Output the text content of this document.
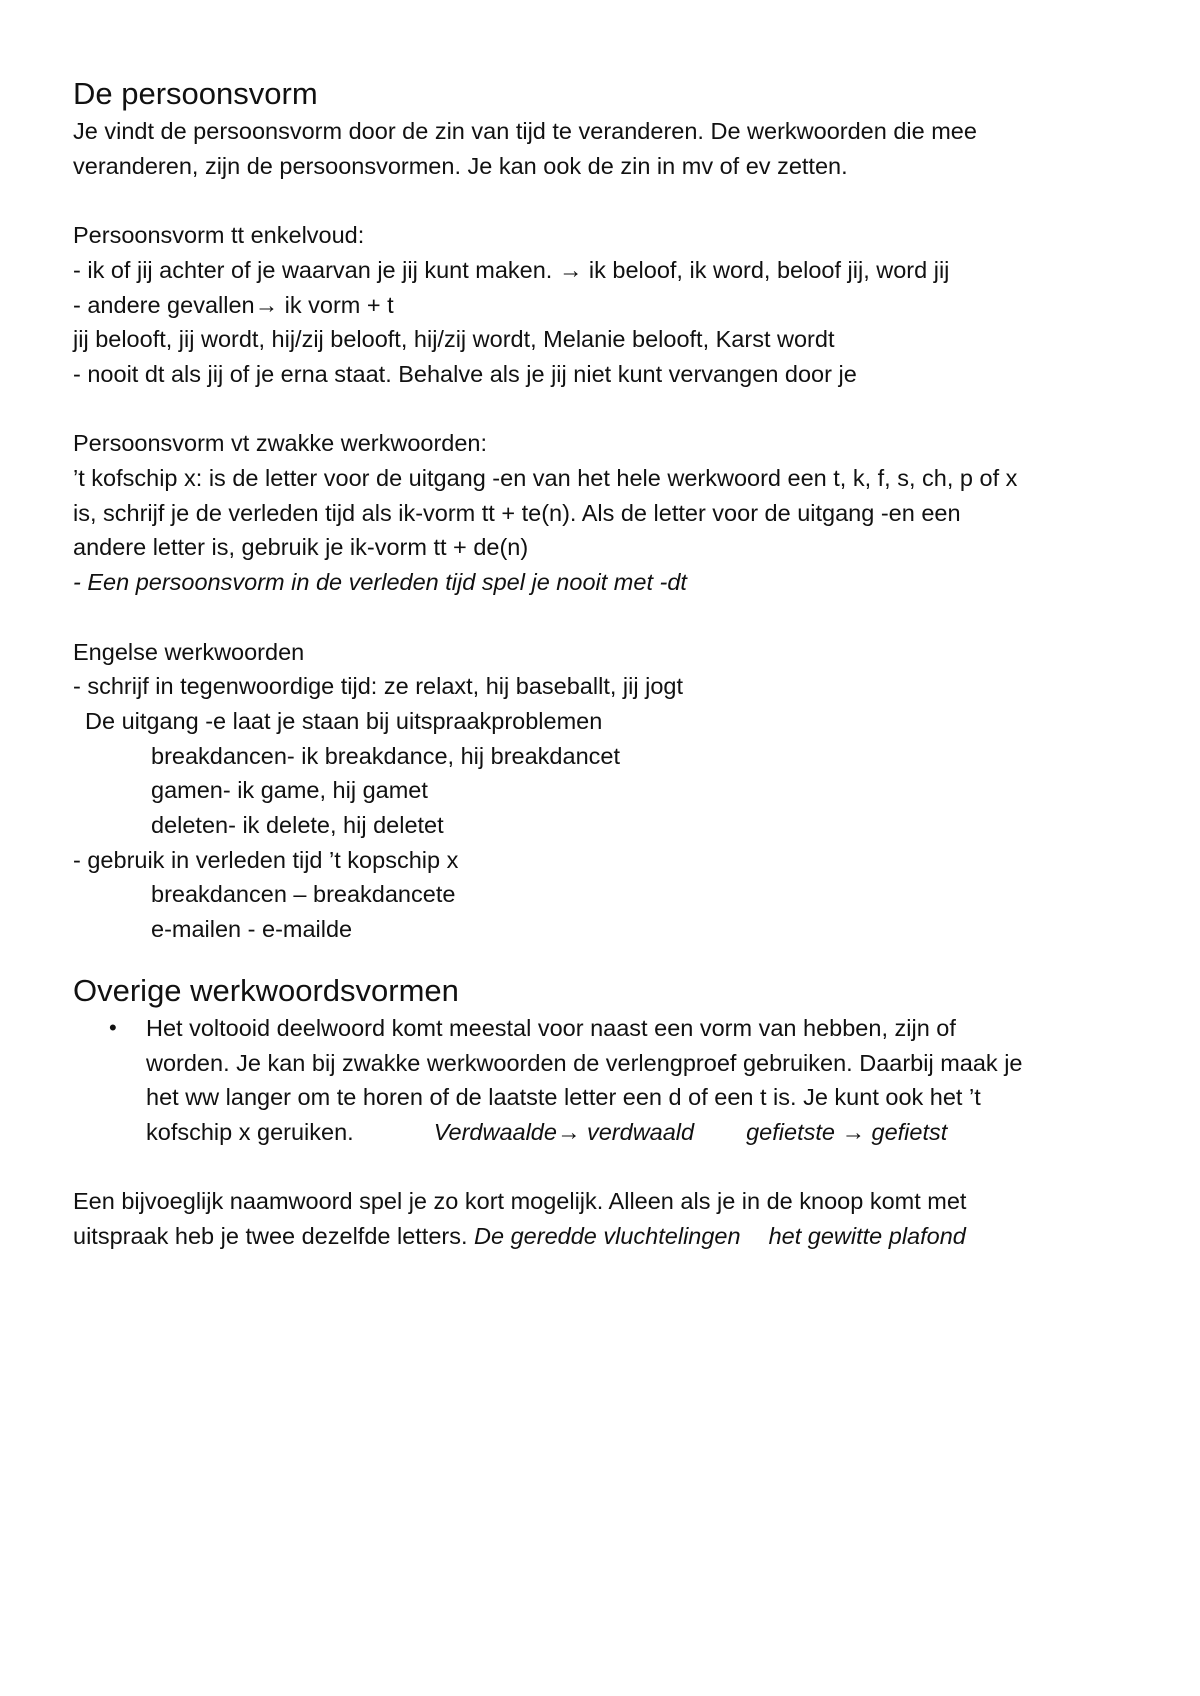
De persoonsvorm

Je vindt de persoonsvorm door de zin van tijd te veranderen. De werkwoorden die mee

veranderen, zijn de persoonsvormen. Je kan ook de zin in mv of ev zetten.

Persoonsvorm tt enkelvoud:

- ik of jij achter of je waarvan je jij kunt maken. → ik beloof, ik word, beloof jij, word jij

- andere gevallen→ ik vorm + t

jij belooft, jij wordt, hij/zij belooft, hij/zij wordt, Melanie belooft, Karst wordt

- nooit dt als jij of je erna staat. Behalve als je jij niet kunt vervangen door je

Persoonsvorm vt zwakke werkwoorden:

’t kofschip x: is de letter voor de uitgang -en van het hele werkwoord een t, k, f, s, ch, p of x

is, schrijf je de verleden tijd als ik-vorm tt + te(n). Als de letter voor de uitgang -en een

andere letter is, gebruik je ik-vorm tt + de(n)

- Een persoonsvorm in de verleden tijd spel je nooit met -dt

Engelse werkwoorden

- schrijf in tegenwoordige tijd: ze relaxt, hij baseballt, jij jogt

De uitgang -e laat je staan bij uitspraakproblemen

breakdancen- ik breakdance, hij breakdancet

gamen- ik game, hij gamet

deleten- ik delete, hij deletet

- gebruik in verleden tijd ’t kopschip x

breakdancen – breakdancete

e-mailen - e-mailde

Overige werkwoordsvormen
• Het voltooid deelwoord komt meestal voor naast een vorm van hebben, zijn of
worden. Je kan bij zwakke werkwoorden de verlengproef gebruiken. Daarbij maak je
het ww langer om te horen of de laatste letter een d of een t is. Je kunt ook het ’t
kofschip x geruiken.	Verdwaalde→ verdwaald gefietste → gefietst

Een bijvoeglijk naamwoord spel je zo kort mogelijk. Alleen als je in de knoop komt met

uitspraak heb je twee dezelfde letters. De geredde vluchtelingen het gewitte plafond
